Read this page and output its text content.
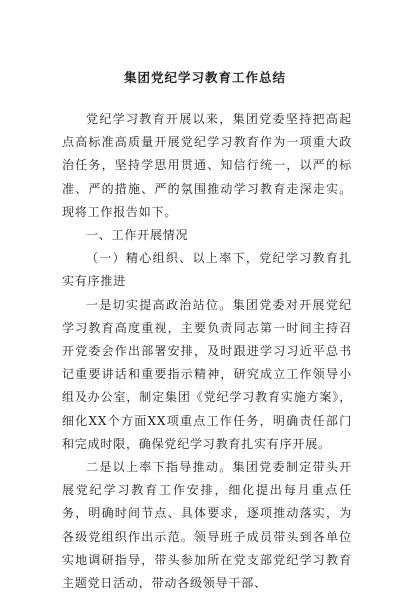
集团党纪学习教育工作总结

党纪学习教育开展以来，集团党委坚持把高起点高标准高质量开展党纪学习教育作为一项重大政治任务，坚持学思用贯通、知信行统一，以严的标准、严的措施、严的氛围推动学习教育走深走实。现将工作报告如下。

一、工作开展情况

（一）精心组织、以上率下，党纪学习教育扎实有序推进

一是切实提高政治站位。集团党委对开展党纪学习教育高度重视，主要负责同志第一时间主持召开党委会作出部署安排，及时跟进学习习近平总书记重要讲话和重要指示精神，研究成立工作领导小组及办公室，制定集团《党纪学习教育实施方案》，细化XX个方面XX项重点工作任务，明确责任部门和完成时限，确保党纪学习教育扎实有序开展。

二是以上率下指导推动。集团党委制定带头开展党纪学习教育工作安排，细化提出每月重点任务，明确时间节点、具体要求，逐项推动落实，为各级党组织作出示范。领导班子成员带头到各单位实地调研指导，带头参加所在党支部党纪学习教育主题党日活动，带动各级领导干部、
